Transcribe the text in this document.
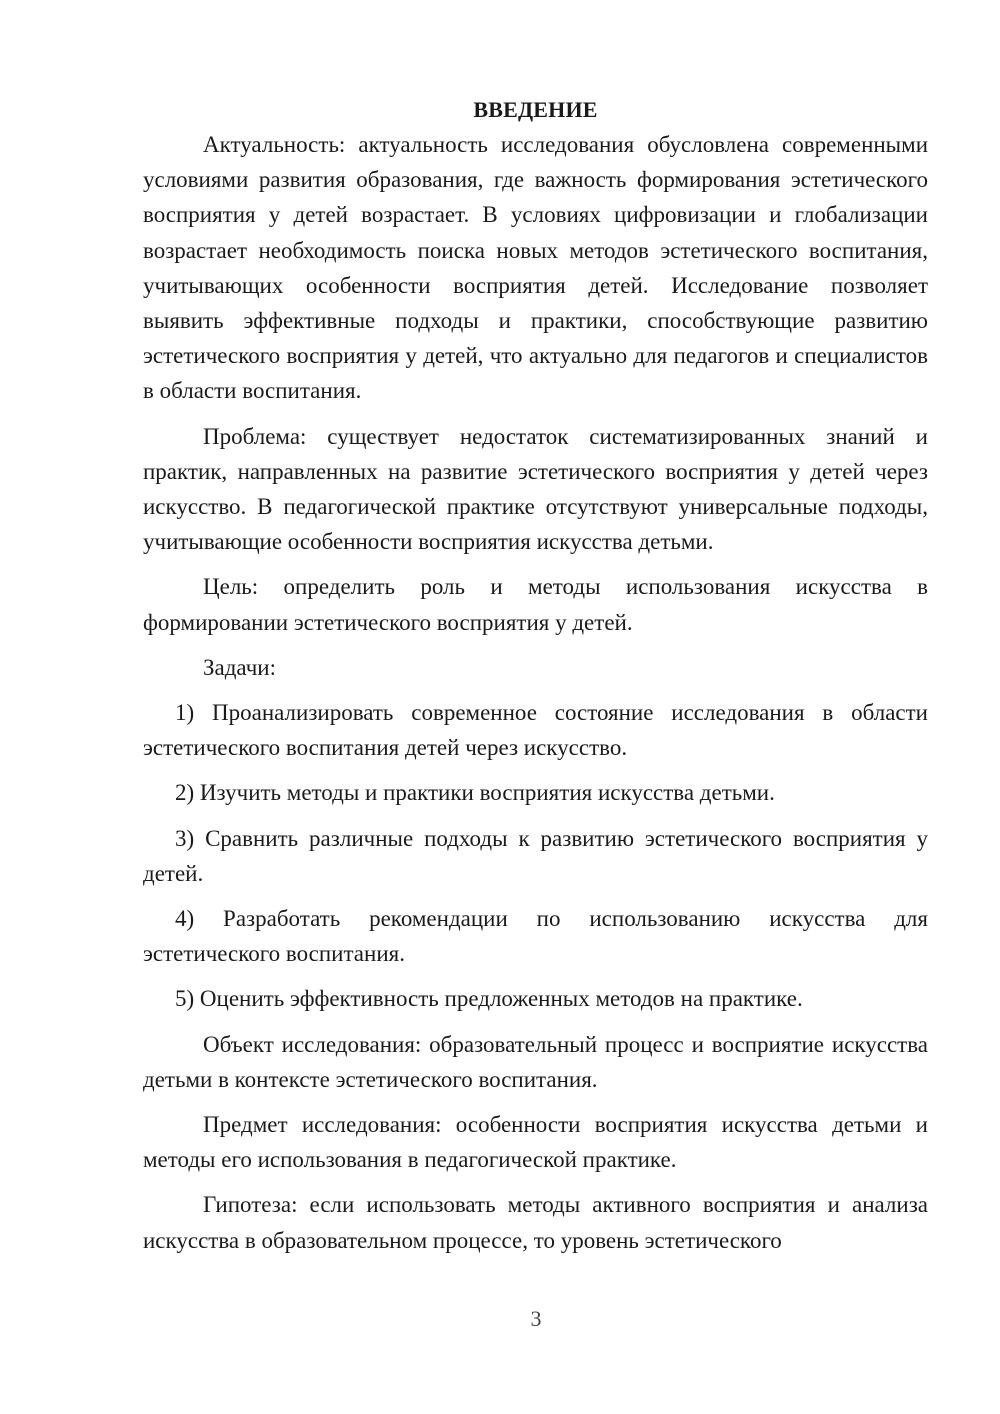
ВВЕДЕНИЕ

Актуальность: актуальность исследования обусловлена современными условиями развития образования, где важность формирования эстетического восприятия у детей возрастает. В условиях цифровизации и глобализации возрастает необходимость поиска новых методов эстетического воспитания, учитывающих особенности восприятия детей. Исследование позволяет выявить эффективные подходы и практики, способствующие развитию эстетического восприятия у детей, что актуально для педагогов и специалистов в области воспитания.

Проблема: существует недостаток систематизированных знаний и практик, направленных на развитие эстетического восприятия у детей через искусство. В педагогической практике отсутствуют универсальные подходы, учитывающие особенности восприятия искусства детьми.

Цель: определить роль и методы использования искусства в формировании эстетического восприятия у детей.

Задачи:

1) Проанализировать современное состояние исследования в области эстетического воспитания детей через искусство.

2) Изучить методы и практики восприятия искусства детьми.

3) Сравнить различные подходы к развитию эстетического восприятия у детей.

4) Разработать рекомендации по использованию искусства для эстетического воспитания.

5) Оценить эффективность предложенных методов на практике.

Объект исследования: образовательный процесс и восприятие искусства детьми в контексте эстетического воспитания.

Предмет исследования: особенности восприятия искусства детьми и методы его использования в педагогической практике.

Гипотеза: если использовать методы активного восприятия и анализа искусства в образовательном процессе, то уровень эстетического

3
